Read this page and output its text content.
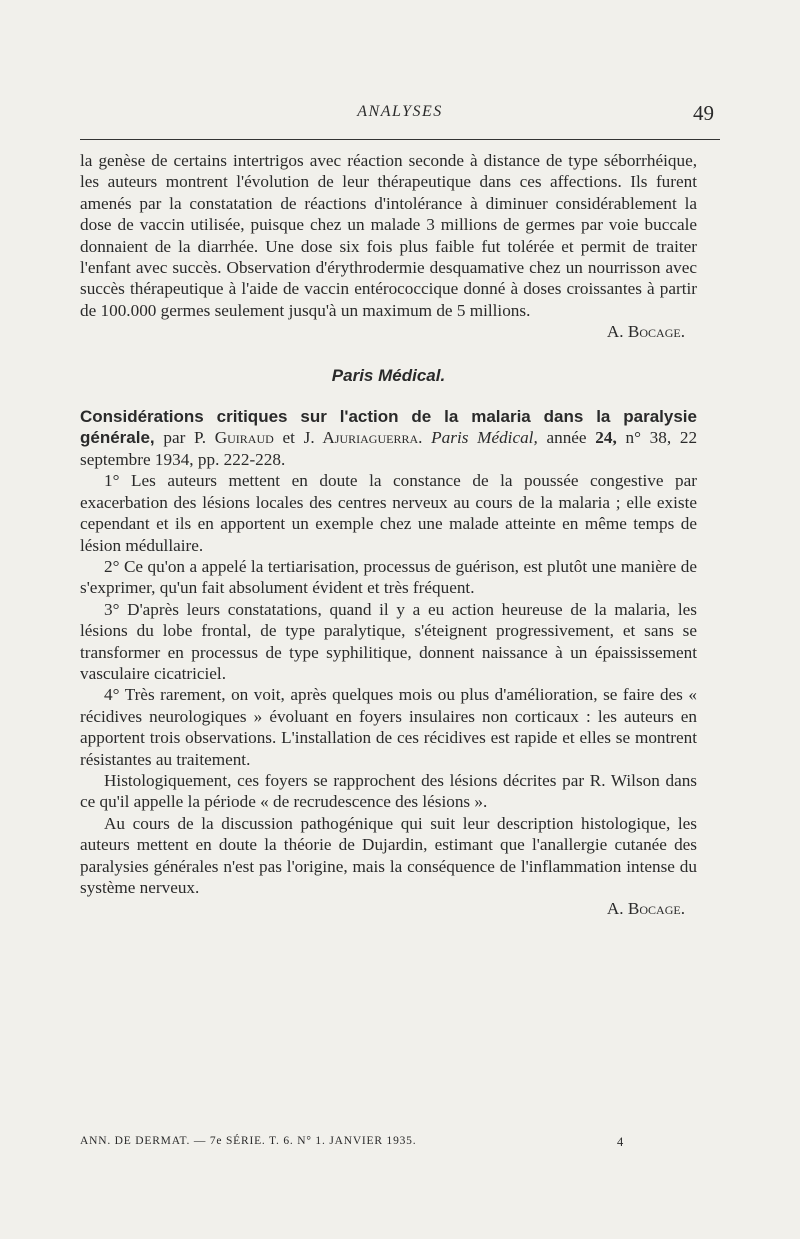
ANALYSES	49

la genèse de certains intertrigos avec réaction seconde à distance de type séborrhéique, les auteurs montrent l'évolution de leur thérapeutique dans ces affections. Ils furent amenés par la constatation de réactions d'intolérance à diminuer considérablement la dose de vaccin utilisée, puisque chez un malade 3 millions de germes par voie buccale donnaient de la diarrhée. Une dose six fois plus faible fut tolérée et permit de traiter l'enfant avec succès. Observation d'érythrodermie desquamative chez un nourrisson avec succès thérapeutique à l'aide de vaccin entérococcique donné à doses croissantes à partir de 100.000 germes seulement jusqu'à un maximum de 5 millions.

A. Bocage.

Paris Médical.

Considérations critiques sur l'action de la malaria dans la paralysie générale, par P. Guiraud et J. Ajuriaguerra. Paris Médical, année 24, n° 38, 22 septembre 1934, pp. 222-228.

1° Les auteurs mettent en doute la constance de la poussée congestive par exacerbation des lésions locales des centres nerveux au cours de la malaria ; elle existe cependant et ils en apportent un exemple chez une malade atteinte en même temps de lésion médullaire.

2° Ce qu'on a appelé la tertiarisation, processus de guérison, est plutôt une manière de s'exprimer, qu'un fait absolument évident et très fréquent.

3° D'après leurs constatations, quand il y a eu action heureuse de la malaria, les lésions du lobe frontal, de type paralytique, s'éteignent progressivement, et sans se transformer en processus de type syphilitique, donnent naissance à un épaississement vasculaire cicatriciel.

4° Très rarement, on voit, après quelques mois ou plus d'amélioration, se faire des « récidives neurologiques » évoluant en foyers insulaires non corticaux : les auteurs en apportent trois observations. L'installation de ces récidives est rapide et elles se montrent résistantes au traitement.

Histologiquement, ces foyers se rapprochent des lésions décrites par R. Wilson dans ce qu'il appelle la période « de recrudescence des lésions ».

Au cours de la discussion pathogénique qui suit leur description histologique, les auteurs mettent en doute la théorie de Dujardin, estimant que l'anallergie cutanée des paralysies générales n'est pas l'origine, mais la conséquence de l'inflammation intense du système nerveux.

A. Bocage.

ANN. DE DERMAT. — 7e SÉRIE. T. 6. N° 1. JANVIER 1935.	4
